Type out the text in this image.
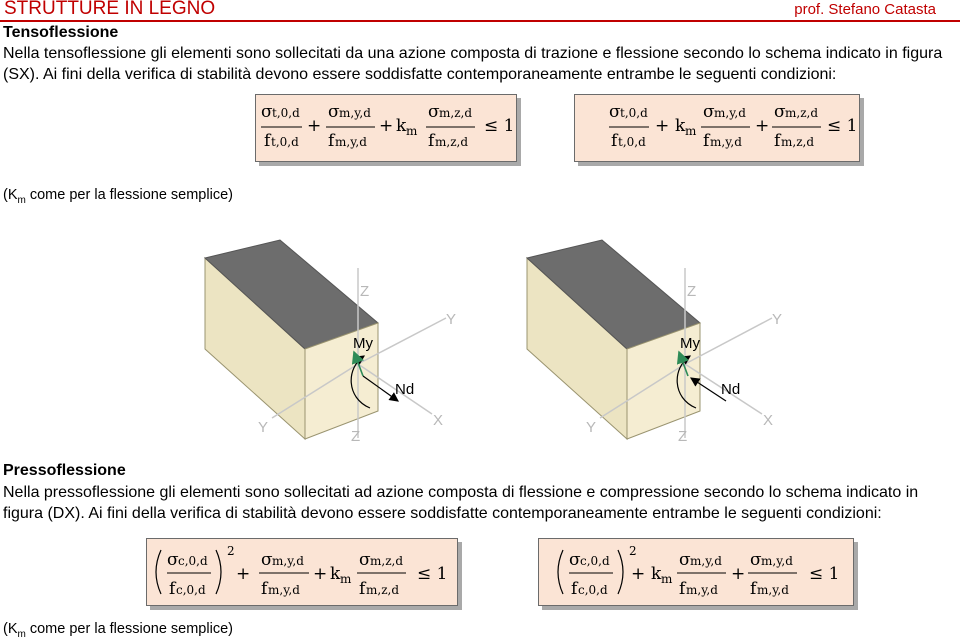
STRUTTURE IN LEGNO	prof. Stefano Catasta
Tensoflessione
Nella tensoflessione gli elementi sono sollecitati da una azione composta di trazione e flessione secondo lo schema indicato in figura (SX). Ai fini della verifica di stabilità devono essere soddisfatte contemporaneamente entrambe le seguenti condizioni:
σ t,0,d
f t,0,d
+
σ m,y,d
f m,y,d
+ k m
σ m,z,d
f m,z,d
≤ 1
σ t,0,d
f t,0,d
+ k m
σ m,y,d
f m,y,d
+
σ m,z,d
f m,z,d
≤ 1
($K_m$ come per la flessione semplice)
Z
Y
Z
Y	X
My
Nd
Z
Y
Z
Y	X
My
Nd
Pressoflessione
Nella pressoflessione gli elementi sono sollecitati ad azione composta di flessione e compressione secondo lo schema indicato in figura (DX). Ai fini della verifica di stabilità devono essere soddisfatte contemporaneamente entrambe le seguenti condizioni:
σ c,0,d
f c,0,d
2
+
σ m,y,d
f m,y,d
+ k m
σ m,z,d
f m,z,d
≤ 1
σ c,0,d
f c,0,d
2
+ k m
σ m,y,d
f m,y,d
+
σ m,y,d
f m,y,d
≤ 1
($K_m$ come per la flessione semplice)
